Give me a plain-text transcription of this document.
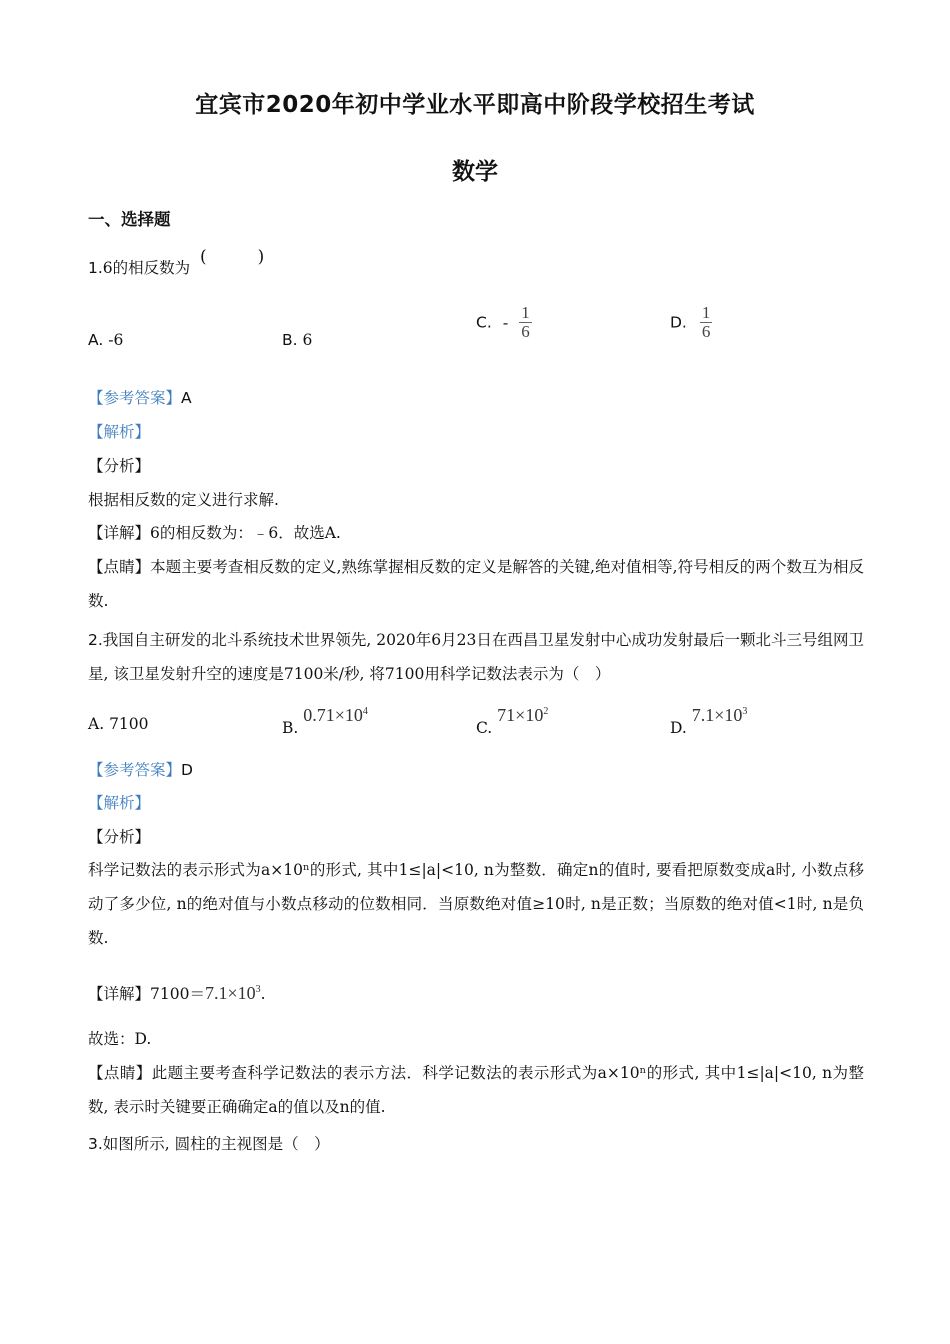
宜宾市2020年初中学业水平即高中阶段学校招生考试
数学
一、选择题
1.6的相反数为
(　　　)
A. -6	B. 6
C. - $\frac{1}{6}$	D. $\frac{1}{6}$
【参考答案】A
【解析】
【分析】
根据相反数的定义进行求解.
【详解】6的相反数为：﹣6．故选A.
【点睛】本题主要考查相反数的定义,熟练掌握相反数的定义是解答的关键,绝对值相等,符号相反的两个数互为相反数.
2.我国自主研发的北斗系统技术世界领先, 2020年6月23日在西昌卫星发射中心成功发射最后一颗北斗三号组网卫星, 该卫星发射升空的速度是7100米/秒, 将7100用科学记数法表示为（　）
A. 7100	B. $0.71\times 10^4$
C. $71\times 10^2$
D. $7.1\times 10^3$
【参考答案】D
【解析】
【分析】
科学记数法的表示形式为a×10ⁿ的形式, 其中1≤|a|<10, n为整数．确定n的值时, 要看把原数变成a时, 小数点移动了多少位, n的绝对值与小数点移动的位数相同．当原数绝对值≥10时, n是正数；当原数的绝对值<1时, n是负数.
【详解】$7100=7.1\times 10^3$.
故选：D.
【点睛】此题主要考查科学记数法的表示方法．科学记数法的表示形式为a×10ⁿ的形式, 其中1≤|a|<10, n为整数, 表示时关键要正确确定a的值以及n的值.
3.如图所示, 圆柱的主视图是（　）
